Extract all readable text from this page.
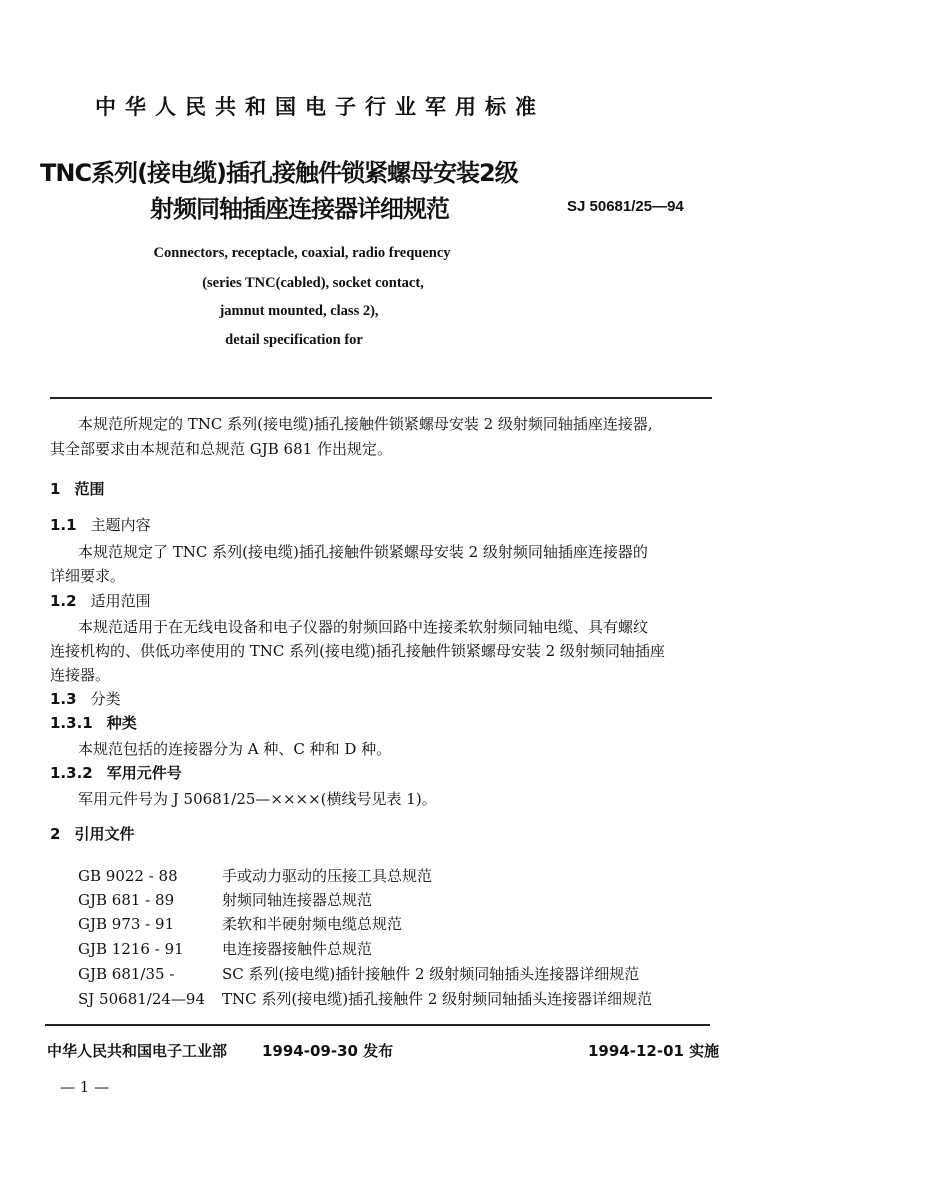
中华人民共和国电子行业军用标准
TNC系列(接电缆)插孔接触件锁紧螺母安装2级
射频同轴插座连接器详细规范	SJ 50681/25—94
Connectors, receptacle, coaxial, radio frequency
(series TNC(cabled), socket contact,
jamnut mounted, class 2),
detail specification for
本规范所规定的 TNC 系列(接电缆)插孔接触件锁紧螺母安装 2 级射频同轴插座连接器,
其全部要求由本规范和总规范 GJB 681 作出规定。
1 范围
1.1 主题内容
本规范规定了 TNC 系列(接电缆)插孔接触件锁紧螺母安装 2 级射频同轴插座连接器的
详细要求。
1.2 适用范围
本规范适用于在无线电设备和电子仪器的射频回路中连接柔软射频同轴电缆、具有螺纹
连接机构的、供低功率使用的 TNC 系列(接电缆)插孔接触件锁紧螺母安装 2 级射频同轴插座
连接器。
1.3 分类
1.3.1 种类
本规范包括的连接器分为 A 种、C 种和 D 种。
1.3.2 军用元件号
军用元件号为 J 50681/25—××××(横线号见表 1)。
2 引用文件
GB 9022 - 88	手或动力驱动的压接工具总规范
GJB 681 - 89	射频同轴连接器总规范
GJB 973 - 91	柔软和半硬射频电缆总规范
GJB 1216 - 91	电连接器接触件总规范
GJB 681/35 -	SC 系列(接电缆)插针接触件 2 级射频同轴插头连接器详细规范
SJ 50681/24—94 TNC 系列(接电缆)插孔接触件 2 级射频同轴插头连接器详细规范
中华人民共和国电子工业部 1994-09-30 发布	1994-12-01 实施
— 1 —
